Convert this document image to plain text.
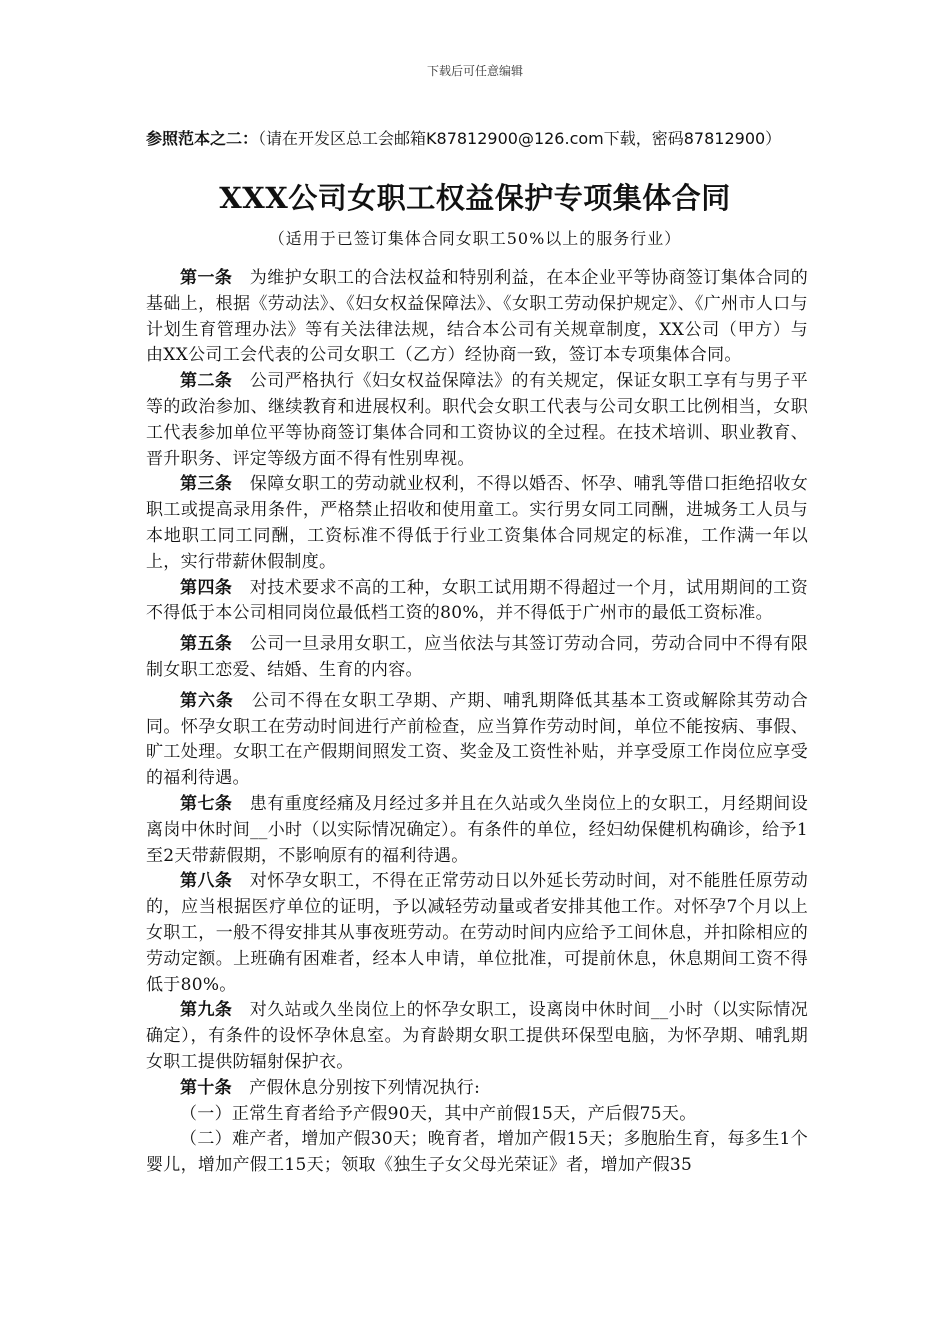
下载后可任意编辑
参照范本之二：（请在开发区总工会邮箱K87812900@126.com下载，密码87812900）
XXX公司女职工权益保护专项集体合同
（适用于已签订集体合同女职工50%以上的服务行业）

第一条　为维护女职工的合法权益和特别利益，在本企业平等协商签订集体合同的基础上，根据《劳动法》、《妇女权益保障法》、《女职工劳动保护规定》、《广州市人口与计划生育管理办法》等有关法律法规，结合本公司有关规章制度，XX公司（甲方）与由XX公司工会代表的公司女职工（乙方）经协商一致，签订本专项集体合同。

第二条　公司严格执行《妇女权益保障法》的有关规定，保证女职工享有与男子平等的政治参加、继续教育和进展权利。职代会女职工代表与公司女职工比例相当，女职工代表参加单位平等协商签订集体合同和工资协议的全过程。在技术培训、职业教育、晋升职务、评定等级方面不得有性别卑视。

第三条　保障女职工的劳动就业权利，不得以婚否、怀孕、哺乳等借口拒绝招收女职工或提高录用条件，严格禁止招收和使用童工。实行男女同工同酬，进城务工人员与本地职工同工同酬，工资标准不得低于行业工资集体合同规定的标准，工作满一年以上，实行带薪休假制度。

第四条　对技术要求不高的工种，女职工试用期不得超过一个月，试用期间的工资不得低于本公司相同岗位最低档工资的80%，并不得低于广州市的最低工资标准。

第五条　公司一旦录用女职工，应当依法与其签订劳动合同，劳动合同中不得有限制女职工恋爱、结婚、生育的内容。

第六条　公司不得在女职工孕期、产期、哺乳期降低其基本工资或解除其劳动合同。怀孕女职工在劳动时间进行产前检查，应当算作劳动时间，单位不能按病、事假、旷工处理。女职工在产假期间照发工资、奖金及工资性补贴，并享受原工作岗位应享受的福利待遇。

第七条　患有重度经痛及月经过多并且在久站或久坐岗位上的女职工，月经期间设离岗中休时间__小时（以实际情况确定）。有条件的单位，经妇幼保健机构确诊，给予1至2天带薪假期，不影响原有的福利待遇。

第八条　对怀孕女职工，不得在正常劳动日以外延长劳动时间，对不能胜任原劳动的，应当根据医疗单位的证明，予以减轻劳动量或者安排其他工作。对怀孕7个月以上女职工，一般不得安排其从事夜班劳动。在劳动时间内应给予工间休息，并扣除相应的劳动定额。上班确有困难者，经本人申请，单位批准，可提前休息，休息期间工资不得低于80%。

第九条　对久站或久坐岗位上的怀孕女职工，设离岗中休时间__小时（以实际情况确定），有条件的设怀孕休息室。为育龄期女职工提供环保型电脑，为怀孕期、哺乳期女职工提供防辐射保护衣。

第十条　产假休息分别按下列情况执行:

（一）正常生育者给予产假90天，其中产前假15天，产后假75天。

（二）难产者，增加产假30天；晚育者，增加产假15天；多胞胎生育，每多生1个婴儿，增加产假工15天；领取《独生子女父母光荣证》者，增加产假35
